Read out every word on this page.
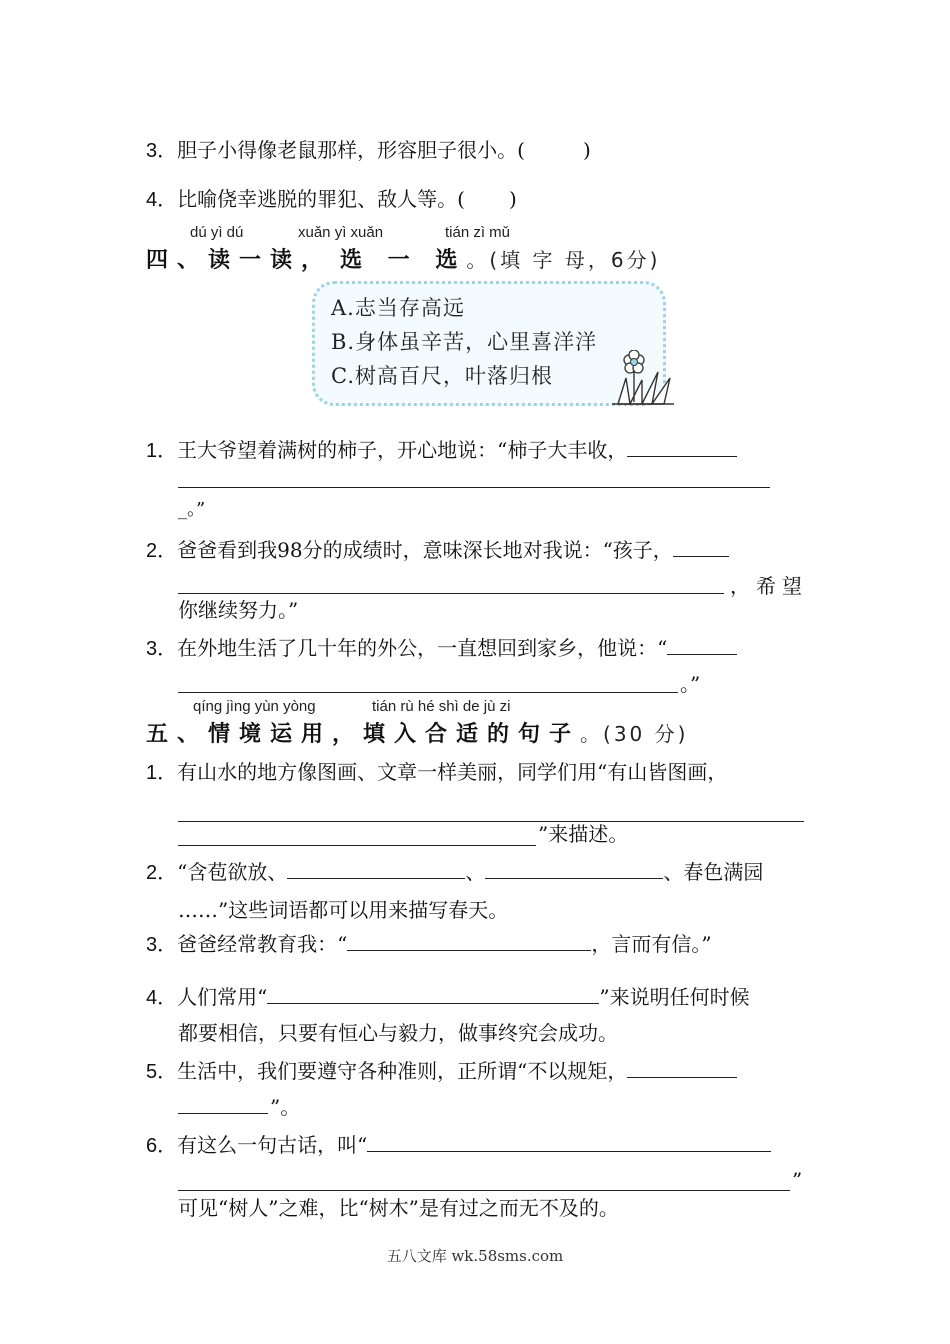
3．胆子小得像老鼠那样，形容胆子很小。(	)
4．比喻侥幸逃脱的罪犯、敌人等。( )
dú yì dú	xuǎn yì xuǎn	tián zì mǔ
四、读一读， 选 一 选。(填 字 母，6分)
A.志当存高远
B.身体虽辛苦，心里喜洋洋
C.树高百尺，叶落归根
1．王大爷望着满树的柿子，开心地说：“柿子大丰收，
_。”
2．爸爸看到我98分的成绩时，意味深长地对我说：“孩子，
，希望
你继续努力。”
3．在外地生活了几十年的外公，一直想回到家乡，他说：“
。”
qíng jìng yùn yòng	tián rù hé shì de jù zi
五、情境运用，填入合适的句子。(30 分)
1．有山水的地方像图画、文章一样美丽，同学们用“有山皆图画，
”来描述。
2．“含苞欲放、	、	、春色满园
……”这些词语都可以用来描写春天。
3．爸爸经常教育我：“	，言而有信。”
4．人们常用“	”来说明任何时候
都要相信，只要有恒心与毅力，做事终究会成功。
5．生活中，我们要遵守各种准则，正所谓“不以规矩，
”。
6．有这么一句古话，叫“
”
可见“树人”之难，比“树木”是有过之而无不及的。
五八文库 wk.58sms.com
